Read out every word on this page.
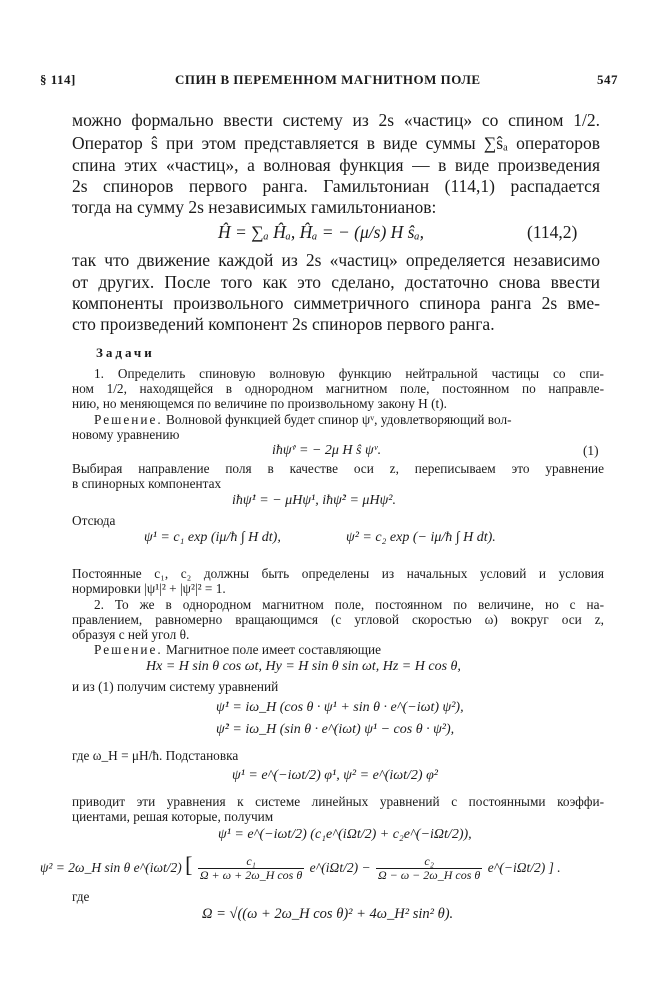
§ 114]	СПИН В ПЕРЕМЕННОМ МАГНИТНОМ ПОЛЕ	547
можно формально ввести систему из 2s «частиц» со спином 1/2.
Оператор ŝ при этом представляется в виде суммы ∑ŝₐ операторов
спина этих «частиц», а волновая функция — в виде произведения
2s спиноров первого ранга. Гамильтониан (114,1) распадается
тогда на сумму 2s независимых гамильтонианов:
Ĥ = ∑ₐ Ĥₐ, Ĥₐ = − (μ/s) H ŝₐ,	(114,2)
так что движение каждой из 2s «частиц» определяется независимо
от других. После того как это сделано, достаточно снова ввести
компоненты произвольного симметричного спинора ранга 2s вме-
сто произведений компонент 2s спиноров первого ранга.
Задачи
1. Определить спиновую волновую функцию нейтральной частицы со спи-
ном 1/2, находящейся в однородном магнитном поле, постоянном по направле-
нию, но меняющемся по величине по произвольному закону H (t).
Решение. Волновой функцией будет спинор ψᵛ, удовлетворяющий вол-
новому уравнению
iħψ̇ᵛ = − 2μ H ŝ ψᵛ.	(1)
Выбирая направление поля в качестве оси z, переписываем это уравнение
в спинорных компонентах
iħψ̇¹ = − μHψ¹, iħψ̇² = μHψ².
Отсюда
ψ¹ = c₁ exp (iμ/ħ ∫ H dt),	ψ² = c₂ exp (− iμ/ħ ∫ H dt).
Постоянные c₁, c₂ должны быть определены из начальных условий и условия
нормировки |ψ¹|² + |ψ²|² = 1.
2. То же в однородном магнитном поле, постоянном по величине, но с на-
правлением, равномерно вращающимся (с угловой скоростью ω) вокруг оси z,
образуя с ней угол θ.
Решение. Магнитное поле имеет составляющие
Hx = H sin θ cos ωt, Hy = H sin θ sin ωt, Hz = H cos θ,
и из (1) получим систему уравнений
ψ̇¹ = iω_H (cos θ · ψ¹ + sin θ · e^(−iωt) ψ²),
ψ̇² = iω_H (sin θ · e^(iωt) ψ¹ − cos θ · ψ²),
где ω_H = μH/ħ. Подстановка
ψ¹ = e^(−iωt/2) φ¹, ψ² = e^(iωt/2) φ²
приводит эти уравнения к системе линейных уравнений с постоянными коэффи-
циентами, решая которые, получим
ψ¹ = e^(−iωt/2) (c₁e^(iΩt/2) + c₂e^(−iΩt/2)),
ψ² = 2ω_H sin θ e^(iωt/2) [ $\frac{\text{c₁}}{\text{Ω + ω + 2ω\_H cos θ}}$ e^(iΩt/2) − $\frac{\text{c₂}}{\text{Ω − ω − 2ω\_H cos θ}}$ e^(−iΩt/2) ] .
где
Ω = √((ω + 2ω_H cos θ)² + 4ω_H² sin² θ).
